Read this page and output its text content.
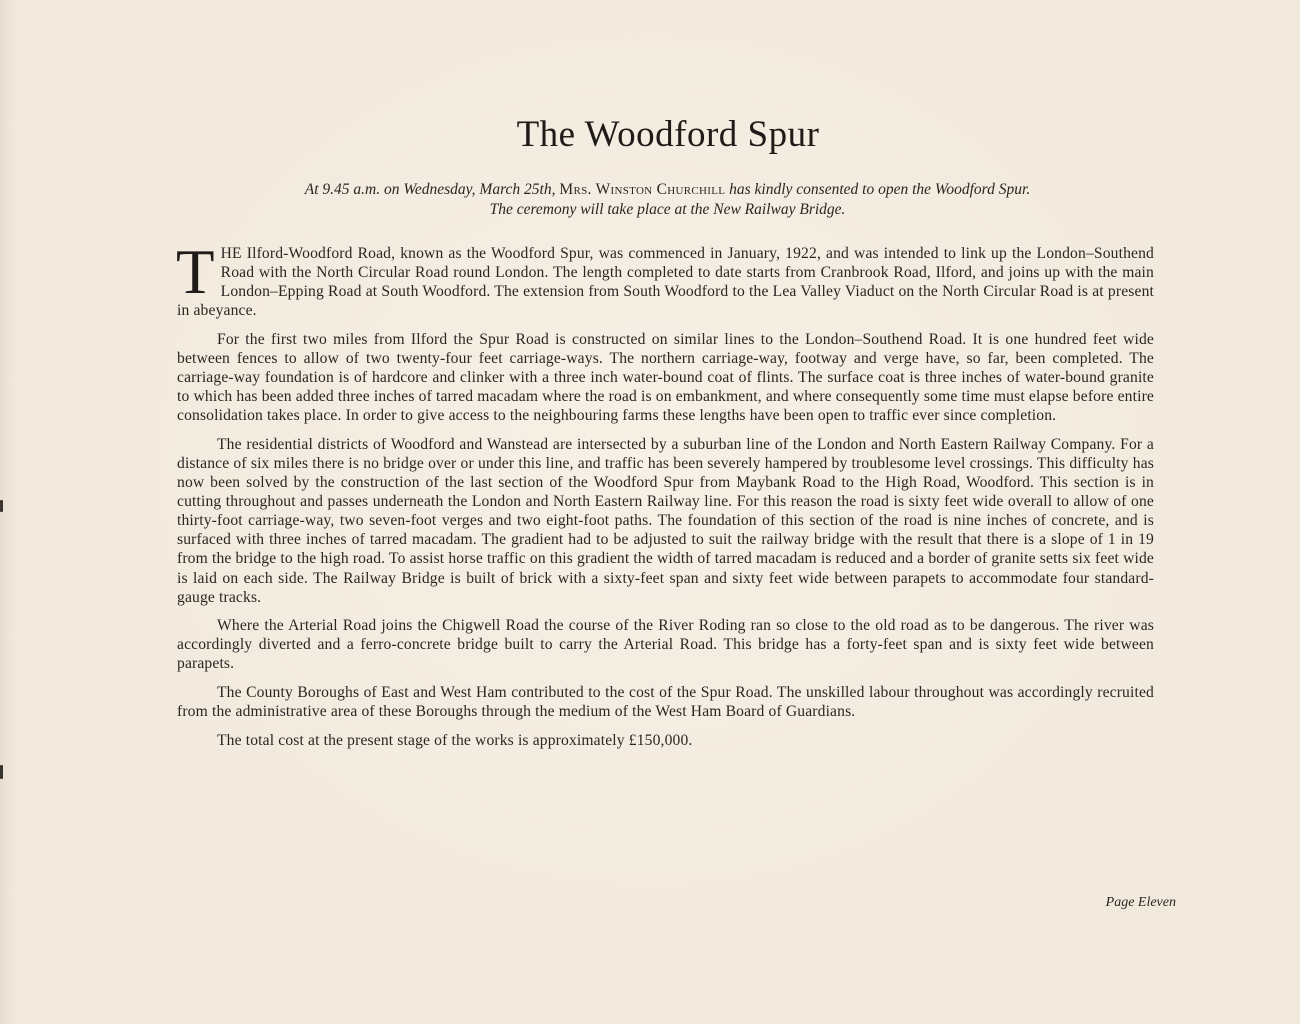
The Woodford Spur
At 9.45 a.m. on Wednesday, March 25th, Mrs. Winston Churchill has kindly consented to open the Woodford Spur.
The ceremony will take place at the New Railway Bridge.

THE Ilford-Woodford Road, known as the Woodford Spur, was commenced in January, 1922, and was intended to link up the London–Southend Road with the North Circular Road round London. The length completed to date starts from Cranbrook Road, Ilford, and joins up with the main London–Epping Road at South Woodford. The extension from South Woodford to the Lea Valley Viaduct on the North Circular Road is at present in abeyance.

For the first two miles from Ilford the Spur Road is constructed on similar lines to the London–Southend Road. It is one hundred feet wide between fences to allow of two twenty-four feet carriage-ways. The northern carriage-way, footway and verge have, so far, been completed. The carriage-way foundation is of hardcore and clinker with a three inch water-bound coat of flints. The surface coat is three inches of water-bound granite to which has been added three inches of tarred macadam where the road is on embankment, and where consequently some time must elapse before entire consolidation takes place. In order to give access to the neighbouring farms these lengths have been open to traffic ever since completion.

The residential districts of Woodford and Wanstead are intersected by a suburban line of the London and North Eastern Railway Company. For a distance of six miles there is no bridge over or under this line, and traffic has been severely hampered by troublesome level crossings. This difficulty has now been solved by the construction of the last section of the Woodford Spur from Maybank Road to the High Road, Woodford. This section is in cutting throughout and passes underneath the London and North Eastern Railway line. For this reason the road is sixty feet wide overall to allow of one thirty-foot carriage-way, two seven-foot verges and two eight-foot paths. The foundation of this section of the road is nine inches of concrete, and is surfaced with three inches of tarred macadam. The gradient had to be adjusted to suit the railway bridge with the result that there is a slope of 1 in 19 from the bridge to the high road. To assist horse traffic on this gradient the width of tarred macadam is reduced and a border of granite setts six feet wide is laid on each side. The Railway Bridge is built of brick with a sixty-feet span and sixty feet wide between parapets to accommodate four standard-gauge tracks.

Where the Arterial Road joins the Chigwell Road the course of the River Roding ran so close to the old road as to be dangerous. The river was accordingly diverted and a ferro-concrete bridge built to carry the Arterial Road. This bridge has a forty-feet span and is sixty feet wide between parapets.

The County Boroughs of East and West Ham contributed to the cost of the Spur Road. The unskilled labour throughout was accordingly recruited from the administrative area of these Boroughs through the medium of the West Ham Board of Guardians.

The total cost at the present stage of the works is approximately £150,000.

Page Eleven
